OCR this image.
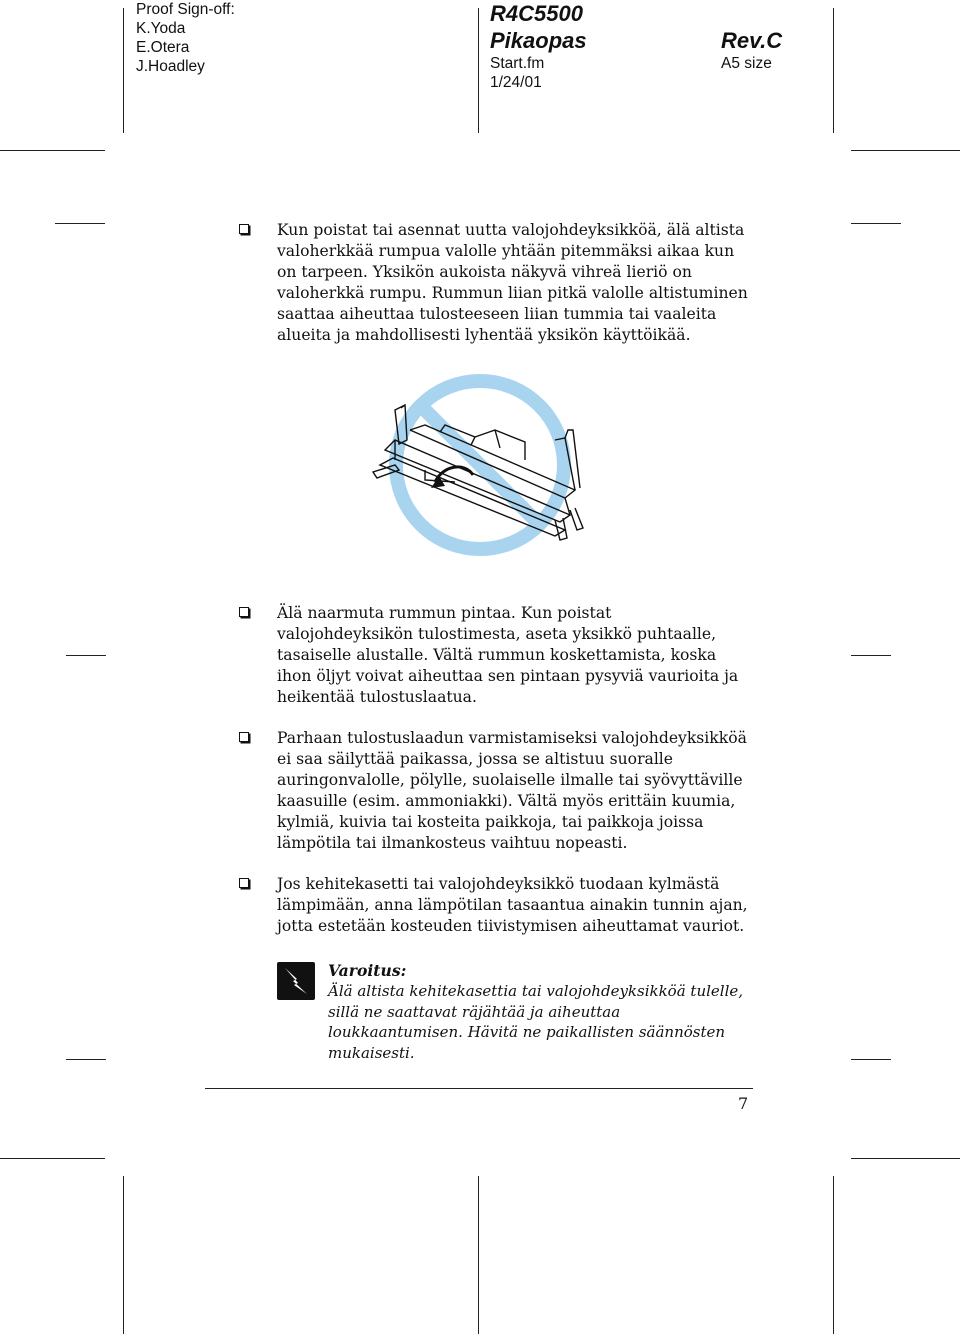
Proof Sign-off:
K.Yoda
E.Otera
J.Hoadley
R4C5500
Pikaopas
Start.fm
1/24/01
Rev.C
A5 size
Kun poistat tai asennat uutta valojohdeyksikköä, älä altista valoherkkää rumpua valolle yhtään pitemmäksi aikaa kun on tarpeen. Yksikön aukoista näkyvä vihreä lieriö on valoherkkä rumpu. Rummun liian pitkä valolle altistuminen saattaa aiheuttaa tulosteeseen liian tummia tai vaaleita alueita ja mahdollisesti lyhentää yksikön käyttöikää.
Älä naarmuta rummun pintaa. Kun poistat valojohdeyksikön tulostimesta, aseta yksikkö puhtaalle, tasaiselle alustalle. Vältä rummun koskettamista, koska ihon öljyt voivat aiheuttaa sen pintaan pysyviä vaurioita ja heikentää tulostuslaatua.
Parhaan tulostuslaadun varmistamiseksi valojohdeyksikköä ei saa säilyttää paikassa, jossa se altistuu suoralle auringonvalolle, pölylle, suolaiselle ilmalle tai syövyttäville kaasuille (esim. ammoniakki). Vältä myös erittäin kuumia, kylmiä, kuivia tai kosteita paikkoja, tai paikkoja joissa lämpötila tai ilmankosteus vaihtuu nopeasti.
Jos kehitekasetti tai valojohdeyksikkö tuodaan kylmästä lämpimään, anna lämpötilan tasaantua ainakin tunnin ajan, jotta estetään kosteuden tiivistymisen aiheuttamat vauriot.
Varoitus:
Älä altista kehitekasettia tai valojohdeyksikköä tulelle, sillä ne saattavat räjähtää ja aiheuttaa loukkaantumisen. Hävitä ne paikallisten säännösten mukaisesti.
7
